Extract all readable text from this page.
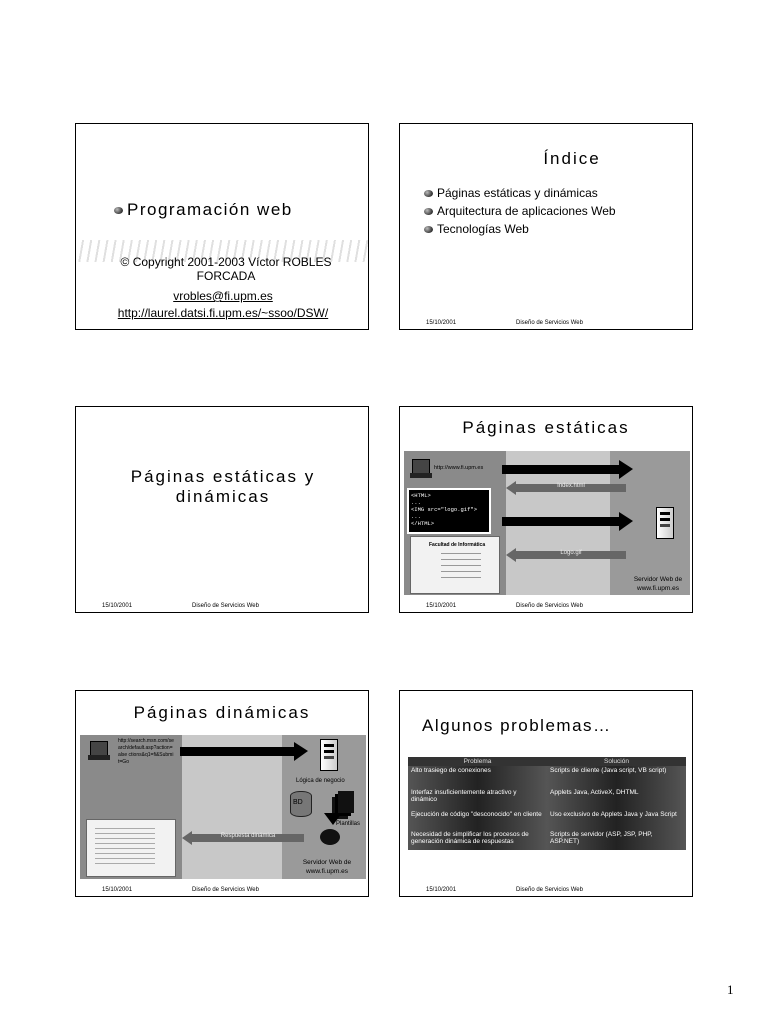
Programación web
© Copyright 2001-2003 Víctor ROBLES FORCADA
vrobles@fi.upm.es
http://laurel.datsi.fi.upm.es/~ssoo/DSW/
Índice
Páginas estáticas y dinámicas
Arquitectura de aplicaciones Web
Tecnologías Web
15/10/2001	Diseño de Servicios Web
Páginas estáticas y dinámicas
15/10/2001	Diseño de Servicios Web
Páginas estáticas
http://www.fi.upm.es
Index.html
<HTML>
...
<IMG src="logo.gif">
...
</HTML>
Facultad de Informática
Logo.gif
Servidor Web de www.fi.upm.es
15/10/2001	Diseño de Servicios Web
Páginas dinámicas
http://search.msn.com/search/default.asp?action=alse ctions&q1=fi&Submit=Go
Lógica de negocio
BD
Plantillas
Respuesta dinámica
Servidor Web de www.fi.upm.es
15/10/2001	Diseño de Servicios Web
Algunos problemas…
Problema	Solución
Alto trasiego de conexiones	Scripts de cliente (Java script, VB script)
Interfaz insuficientemente atractivo y dinámico	Applets Java, ActiveX, DHTML
Ejecución de código "desconocido" en cliente	Uso exclusivo de Applets Java y Java Script
Necesidad de simplificar los procesos de generación dinámica de respuestas	Scripts de servidor (ASP, JSP, PHP, ASP.NET)
15/10/2001	Diseño de Servicios Web
1
